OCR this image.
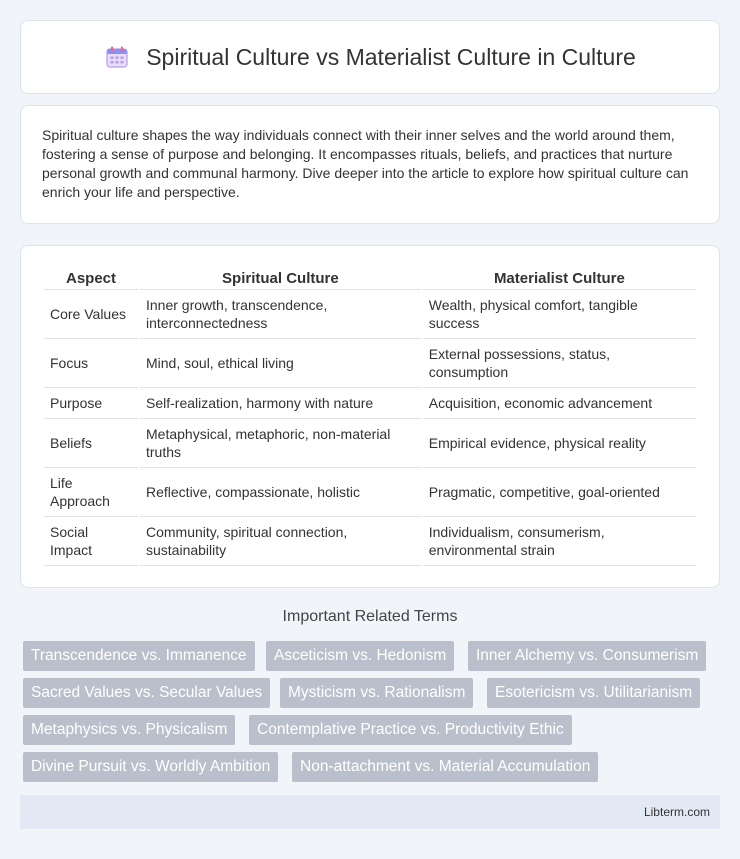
Spiritual Culture vs Materialist Culture in Culture

Spiritual culture shapes the way individuals connect with their inner selves and the world around them, fostering a sense of purpose and belonging. It encompasses rituals, beliefs, and practices that nurture personal growth and communal harmony. Dive deeper into the article to explore how spiritual culture can enrich your life and perspective.

Aspect	Spiritual Culture	Materialist Culture
Core Values	Inner growth, transcendence, interconnectedness	Wealth, physical comfort, tangible success
Focus	Mind, soul, ethical living	External possessions, status, consumption
Purpose	Self-realization, harmony with nature	Acquisition, economic advancement
Beliefs	Metaphysical, metaphoric, non-material truths	Empirical evidence, physical reality
Life Approach	Reflective, compassionate, holistic	Pragmatic, competitive, goal-oriented
Social Impact	Community, spiritual connection, sustainability	Individualism, consumerism, environmental strain
Important Related Terms
Transcendence vs. Immanence	Asceticism vs. Hedonism	Inner Alchemy vs. Consumerism
Sacred Values vs. Secular Values	Mysticism vs. Rationalism	Esotericism vs. Utilitarianism
Metaphysics vs. Physicalism	Contemplative Practice vs. Productivity Ethic
Divine Pursuit vs. Worldly Ambition	Non-attachment vs. Material Accumulation
Libterm.com
